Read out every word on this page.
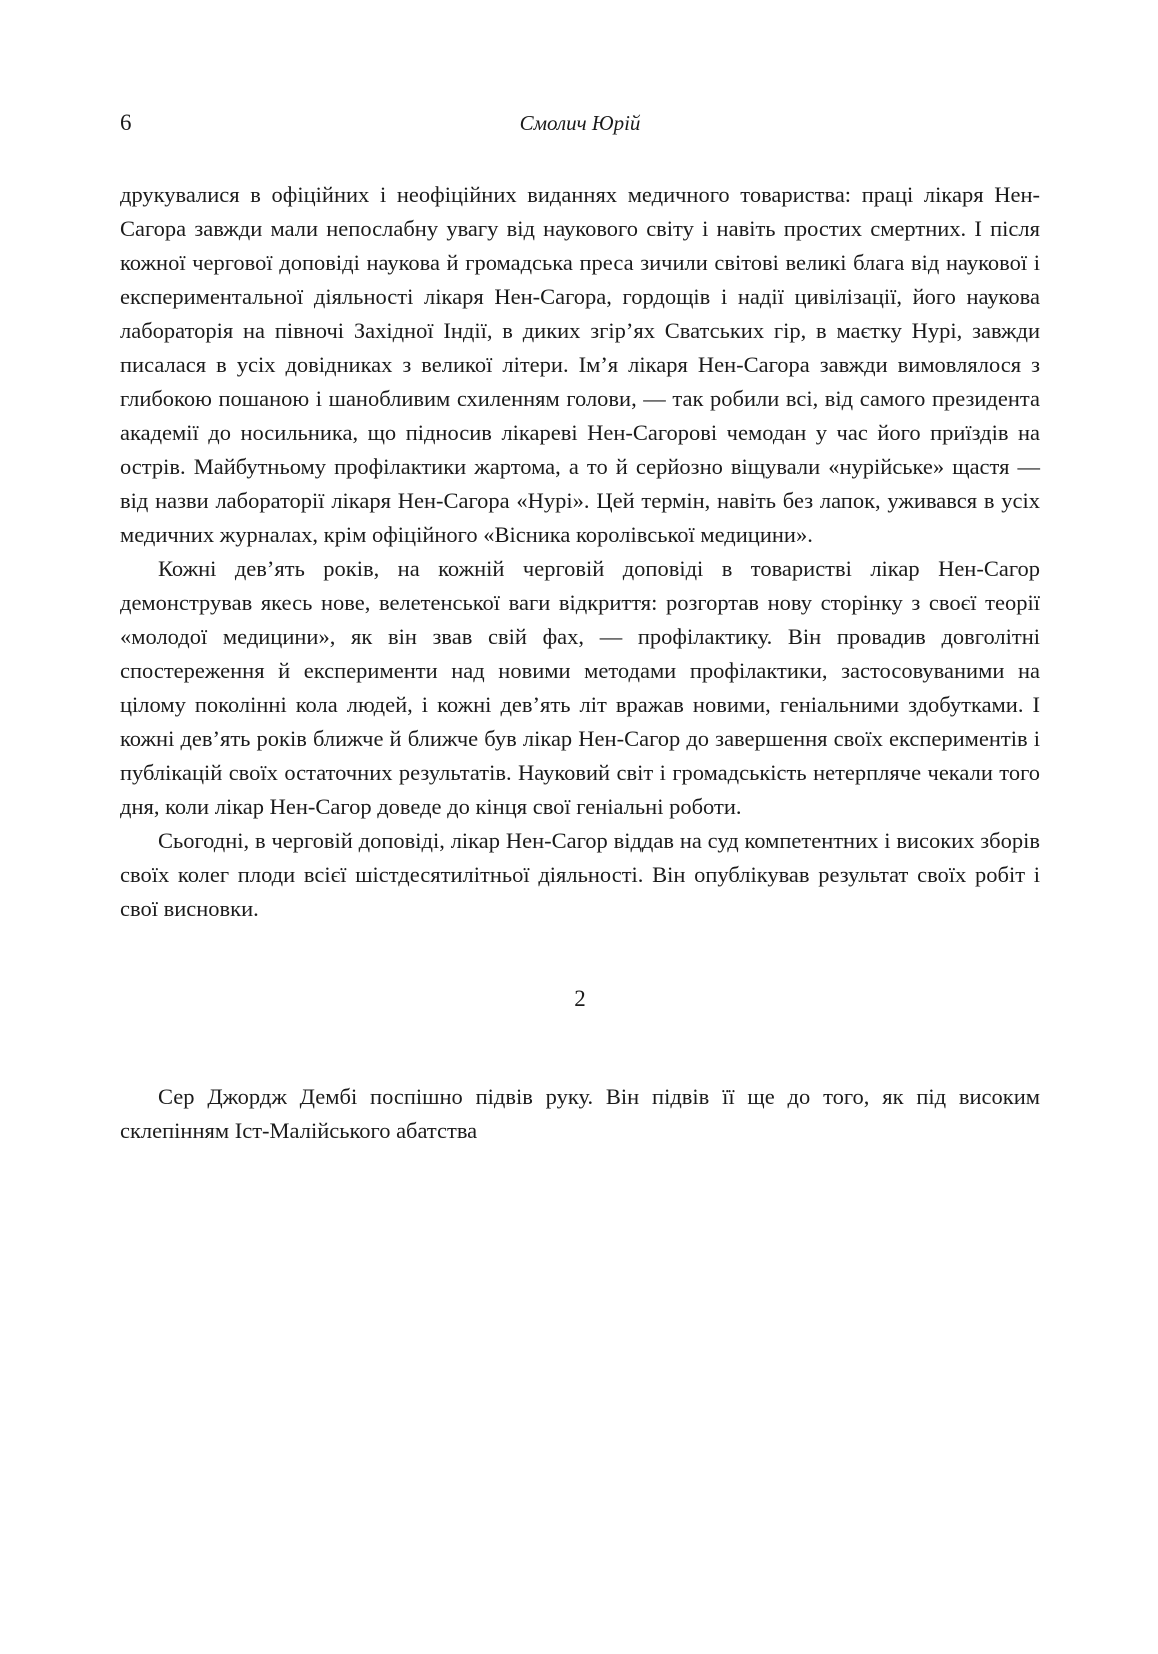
6	Смолич Юрій

друкувалися в офіційних і неофіційних виданнях медичного товариства: праці лікаря Нен-Сагора завжди мали непослабну увагу від наукового світу і навіть простих смертних. І після кожної чергової доповіді наукова й громадська преса зичили світові великі блага від наукової і експериментальної діяльності лікаря Нен-Сагора, гордощів і надії цивілізації, його наукова лабораторія на півночі Західної Індії, в диких згір’ях Сватських гір, в маєтку Нурі, завжди писалася в усіх довідниках з великої літери. Ім’я лікаря Нен-Сагора завжди вимовлялося з глибокою пошаною і шанобливим схиленням голови, — так робили всі, від самого президента академії до носильника, що підносив лікареві Нен-Сагорові чемодан у час його приїздів на острів. Майбутньому профілактики жартома, а то й серйозно віщували «нурійське» щастя — від назви лабораторії лікаря Нен-Сагора «Нурі». Цей термін, навіть без лапок, уживався в усіх медичних журналах, крім офіційного «Вісника королівської медицини».

Кожні дев’ять років, на кожній черговій доповіді в товаристві лікар Нен-Сагор демонстрував якесь нове, велетенської ваги відкриття: розгортав нову сторінку з своєї теорії «молодої медицини», як він звав свій фах, — профілактику. Він провадив довголітні спостереження й експерименти над новими методами профілактики, застосовуваними на цілому поколінні кола людей, і кожні дев’ять літ вражав новими, геніальними здобутками. І кожні дев’ять років ближче й ближче був лікар Нен-Сагор до завершення своїх експериментів і публікацій своїх остаточних результатів. Науковий світ і громадськість нетерпляче чекали того дня, коли лікар Нен-Сагор доведе до кінця свої геніальні роботи.

Сьогодні, в черговій доповіді, лікар Нен-Сагор віддав на суд компетентних і високих зборів своїх колег плоди всієї шістдесятилітньої діяльності. Він опублікував результат своїх робіт і свої висновки.

2

Сер Джордж Дембі поспішно підвів руку. Він підвів її ще до того, як під високим склепінням Іст-Малійського абатства
